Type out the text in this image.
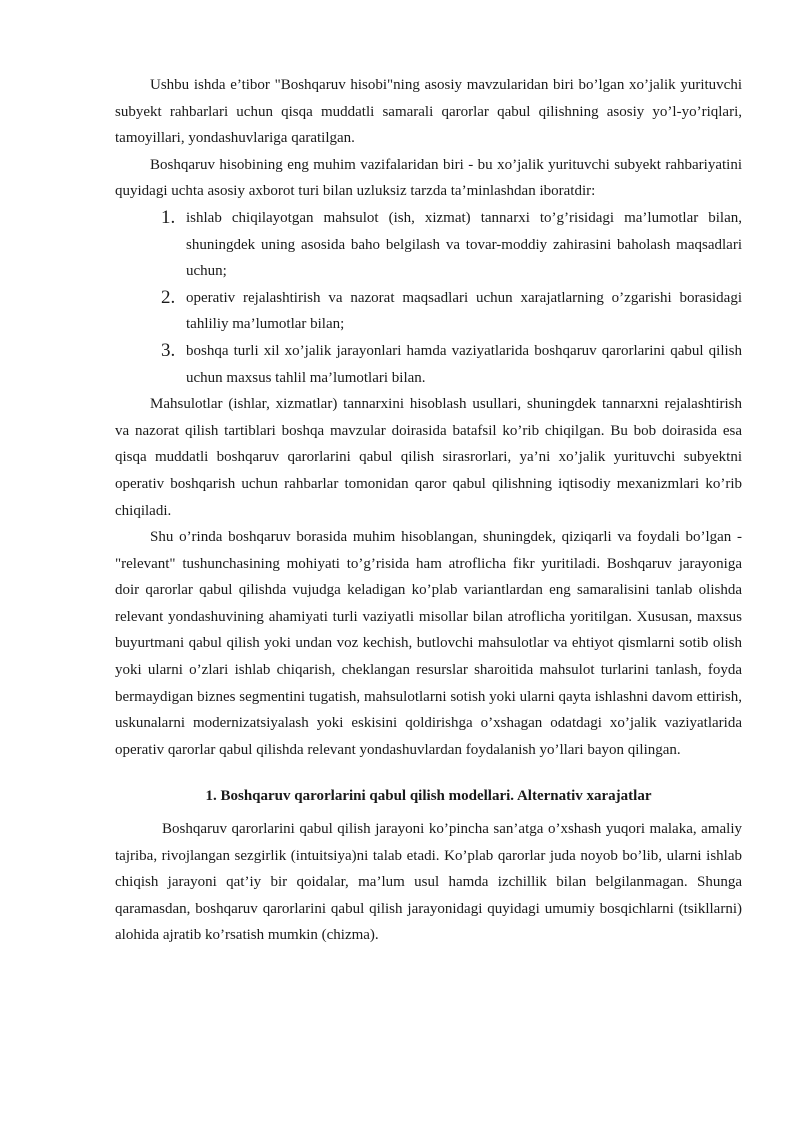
Ushbu ishda e’tibor "Boshqaruv hisobi"ning asosiy mavzularidan biri bo’lgan xo’jalik yurituvchi subyekt rahbarlari uchun qisqa muddatli samarali qarorlar qabul qilishning asosiy yo’l-yo’riqlari, tamoyillari, yondashuvlariga qaratilgan.

Boshqaruv hisobining eng muhim vazifalaridan biri - bu xo’jalik yurituvchi subyekt rahbariyatini quyidagi uchta asosiy axborot turi bilan uzluksiz tarzda ta’minlashdan iboratdir:

1. ishlab chiqilayotgan mahsulot (ish, xizmat) tannarxi to’g’risidagi ma’lumotlar bilan, shuningdek uning asosida baho belgilash va tovar-moddiy zahirasini baholash maqsadlari uchun;
2. operativ rejalashtirish va nazorat maqsadlari uchun xarajatlarning o’zgarishi borasidagi tahliliy ma’lumotlar bilan;
3. boshqa turli xil xo’jalik jarayonlari hamda vaziyatlarida boshqaruv qarorlarini qabul qilish uchun maxsus tahlil ma’lumotlari bilan.

Mahsulotlar (ishlar, xizmatlar) tannarxini hisoblash usullari, shuningdek tannarxni rejalashtirish va nazorat qilish tartiblari boshqa mavzular doirasida batafsil ko’rib chiqilgan. Bu bob doirasida esa qisqa muddatli boshqaruv qarorlarini qabul qilish sirasrorlari, ya’ni xo’jalik yurituvchi subyektni operativ boshqarish uchun rahbarlar tomonidan qaror qabul qilishning iqtisodiy mexanizmlari ko’rib chiqiladi.

Shu o’rinda boshqaruv borasida muhim hisoblangan, shuningdek, qiziqarli va foydali bo’lgan - "relevant" tushunchasining mohiyati to’g’risida ham atroflicha fikr yuritiladi. Boshqaruv jarayoniga doir qarorlar qabul qilishda vujudga keladigan ko’plab variantlardan eng samaralisini tanlab olishda relevant yondashuvining ahamiyati turli vaziyatli misollar bilan atroflicha yoritilgan. Xususan, maxsus buyurtmani qabul qilish yoki undan voz kechish, butlovchi mahsulotlar va ehtiyot qismlarni sotib olish yoki ularni o’zlari ishlab chiqarish, cheklangan resurslar sharoitida mahsulot turlarini tanlash, foyda bermaydigan biznes segmentini tugatish, mahsulotlarni sotish yoki ularni qayta ishlashni davom ettirish, uskunalarni modernizatsiyalash yoki eskisini qoldirishga o’xshagan odatdagi xo’jalik vaziyatlarida operativ qarorlar qabul qilishda relevant yondashuvlardan foydalanish yo’llari bayon qilingan.

1. Boshqaruv qarorlarini qabul qilish modellari. Alternativ xarajatlar

Boshqaruv qarorlarini qabul qilish jarayoni ko’pincha san’atga o’xshash yuqori malaka, amaliy tajriba, rivojlangan sezgirlik (intuitsiya)ni talab etadi. Ko’plab qarorlar juda noyob bo’lib, ularni ishlab chiqish jarayoni qat’iy bir qoidalar, ma’lum usul hamda izchillik bilan belgilanmagan. Shunga qaramasdan, boshqaruv qarorlarini qabul qilish jarayonidagi quyidagi umumiy bosqichlarni (tsikllarni) alohida ajratib ko’rsatish mumkin (chizma).
